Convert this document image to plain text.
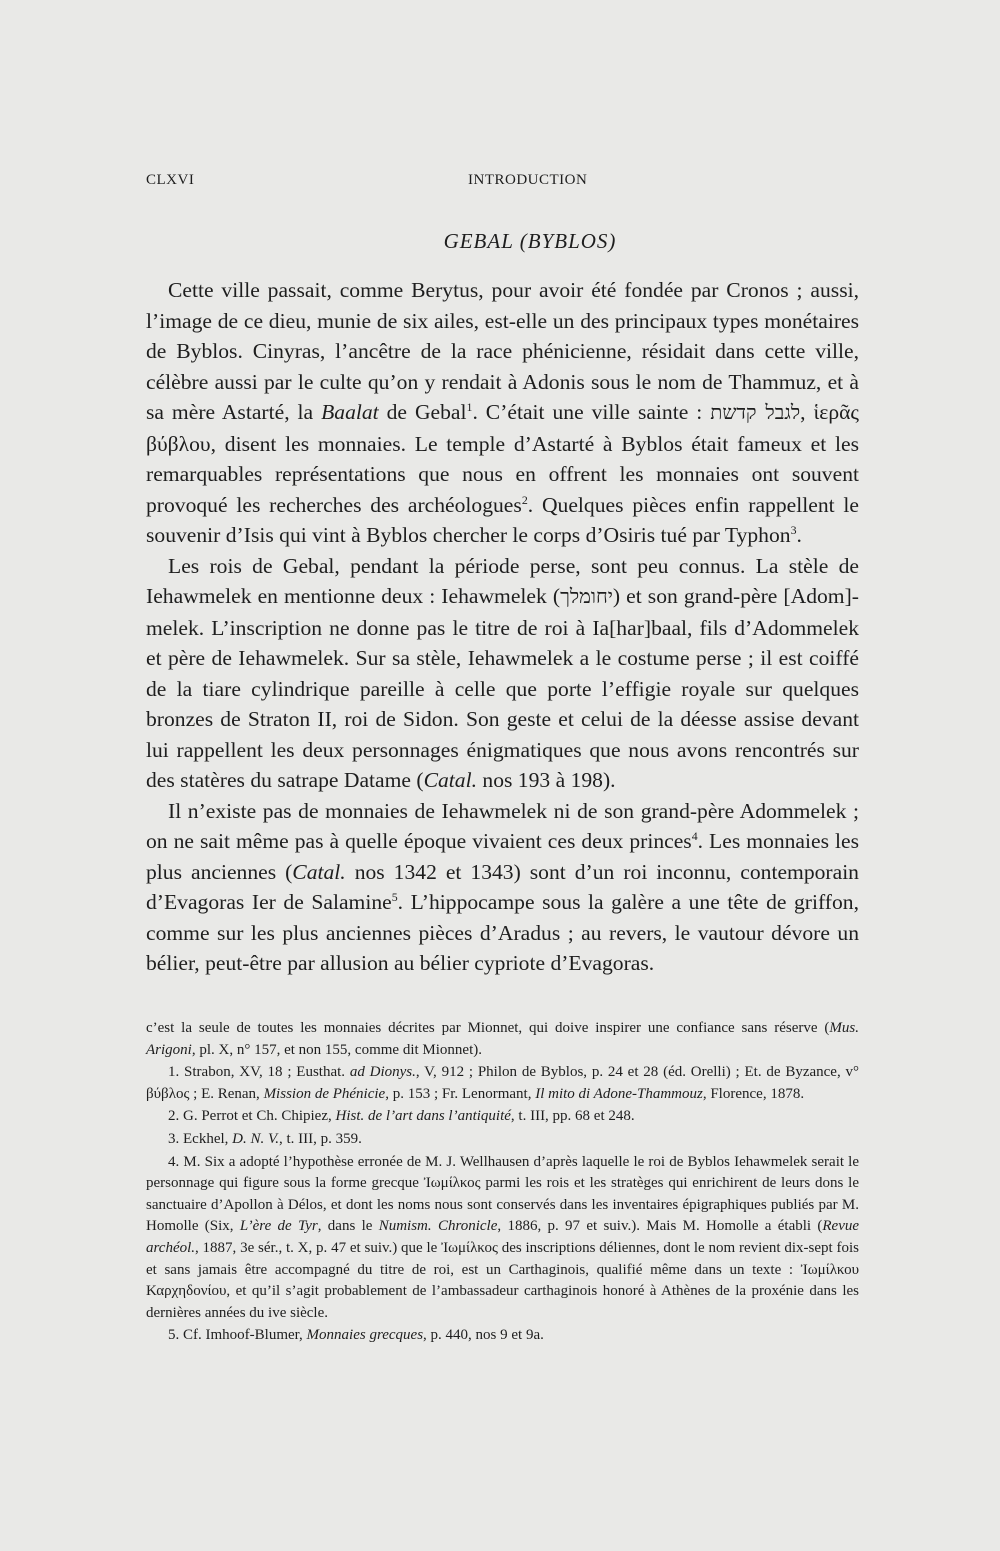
CLXVI	INTRODUCTION
GEBAL (BYBLOS)

Cette ville passait, comme Berytus, pour avoir été fondée par Cronos ; aussi, l’image de ce dieu, munie de six ailes, est-elle un des principaux types monétaires de Byblos. Cinyras, l’ancêtre de la race phénicienne, résidait dans cette ville, célèbre aussi par le culte qu’on y rendait à Adonis sous le nom de Thammuz, et à sa mère Astarté, la Baalat de Gebal$^1$. C’était une ville sainte : לגבל קדשת, ἱερᾶς βύβλου, disent les monnaies. Le temple d’Astarté à Byblos était fameux et les remarquables représentations que nous en offrent les monnaies ont souvent provoqué les recherches des archéologues$^2$. Quelques pièces enfin rappellent le souvenir d’Isis qui vint à Byblos chercher le corps d’Osiris tué par Typhon$^3$.

Les rois de Gebal, pendant la période perse, sont peu connus. La stèle de Iehawmelek en mentionne deux : Iehawmelek (יחומלך) et son grand-père [Adom]-melek. L’inscription ne donne pas le titre de roi à Ia[har]baal, fils d’Adommelek et père de Iehawmelek. Sur sa stèle, Iehawmelek a le costume perse ; il est coiffé de la tiare cylindrique pareille à celle que porte l’effigie royale sur quelques bronzes de Straton II, roi de Sidon. Son geste et celui de la déesse assise devant lui rappellent les deux personnages énigmatiques que nous avons rencontrés sur des statères du satrape Datame (Catal. nos 193 à 198).

Il n’existe pas de monnaies de Iehawmelek ni de son grand-père Adommelek ; on ne sait même pas à quelle époque vivaient ces deux princes$^4$. Les monnaies les plus anciennes (Catal. nos 1342 et 1343) sont d’un roi inconnu, contemporain d’Evagoras Ier de Salamine$^5$. L’hippocampe sous la galère a une tête de griffon, comme sur les plus anciennes pièces d’Aradus ; au revers, le vautour dévore un bélier, peut-être par allusion au bélier cypriote d’Evagoras.

c’est la seule de toutes les monnaies décrites par Mionnet, qui doive inspirer une confiance sans réserve (Mus. Arigoni, pl. X, n° 157, et non 155, comme dit Mionnet).

1. Strabon, XV, 18 ; Eusthat. ad Dionys., V, 912 ; Philon de Byblos, p. 24 et 28 (éd. Orelli) ; Et. de Byzance, v° βύβλος ; E. Renan, Mission de Phénicie, p. 153 ; Fr. Lenormant, Il mito di Adone-Thammouz, Florence, 1878.

2. G. Perrot et Ch. Chipiez, Hist. de l’art dans l’antiquité, t. III, pp. 68 et 248.

3. Eckhel, D. N. V., t. III, p. 359.

4. M. Six a adopté l’hypothèse erronée de M. J. Wellhausen d’après laquelle le roi de Byblos Iehawmelek serait le personnage qui figure sous la forme grecque Ἰωμίλκος parmi les rois et les stratèges qui enrichirent de leurs dons le sanctuaire d’Apollon à Délos, et dont les noms nous sont conservés dans les inventaires épigraphiques publiés par M. Homolle (Six, L’ère de Tyr, dans le Numism. Chronicle, 1886, p. 97 et suiv.). Mais M. Homolle a établi (Revue archéol., 1887, 3e sér., t. X, p. 47 et suiv.) que le Ἰωμίλκος des inscriptions déliennes, dont le nom revient dix-sept fois et sans jamais être accompagné du titre de roi, est un Carthaginois, qualifié même dans un texte : Ἰωμίλκου Καρχηδονίου, et qu’il s’agit probablement de l’ambassadeur carthaginois honoré à Athènes de la proxénie dans les dernières années du ive siècle.

5. Cf. Imhoof-Blumer, Monnaies grecques, p. 440, nos 9 et 9a.
